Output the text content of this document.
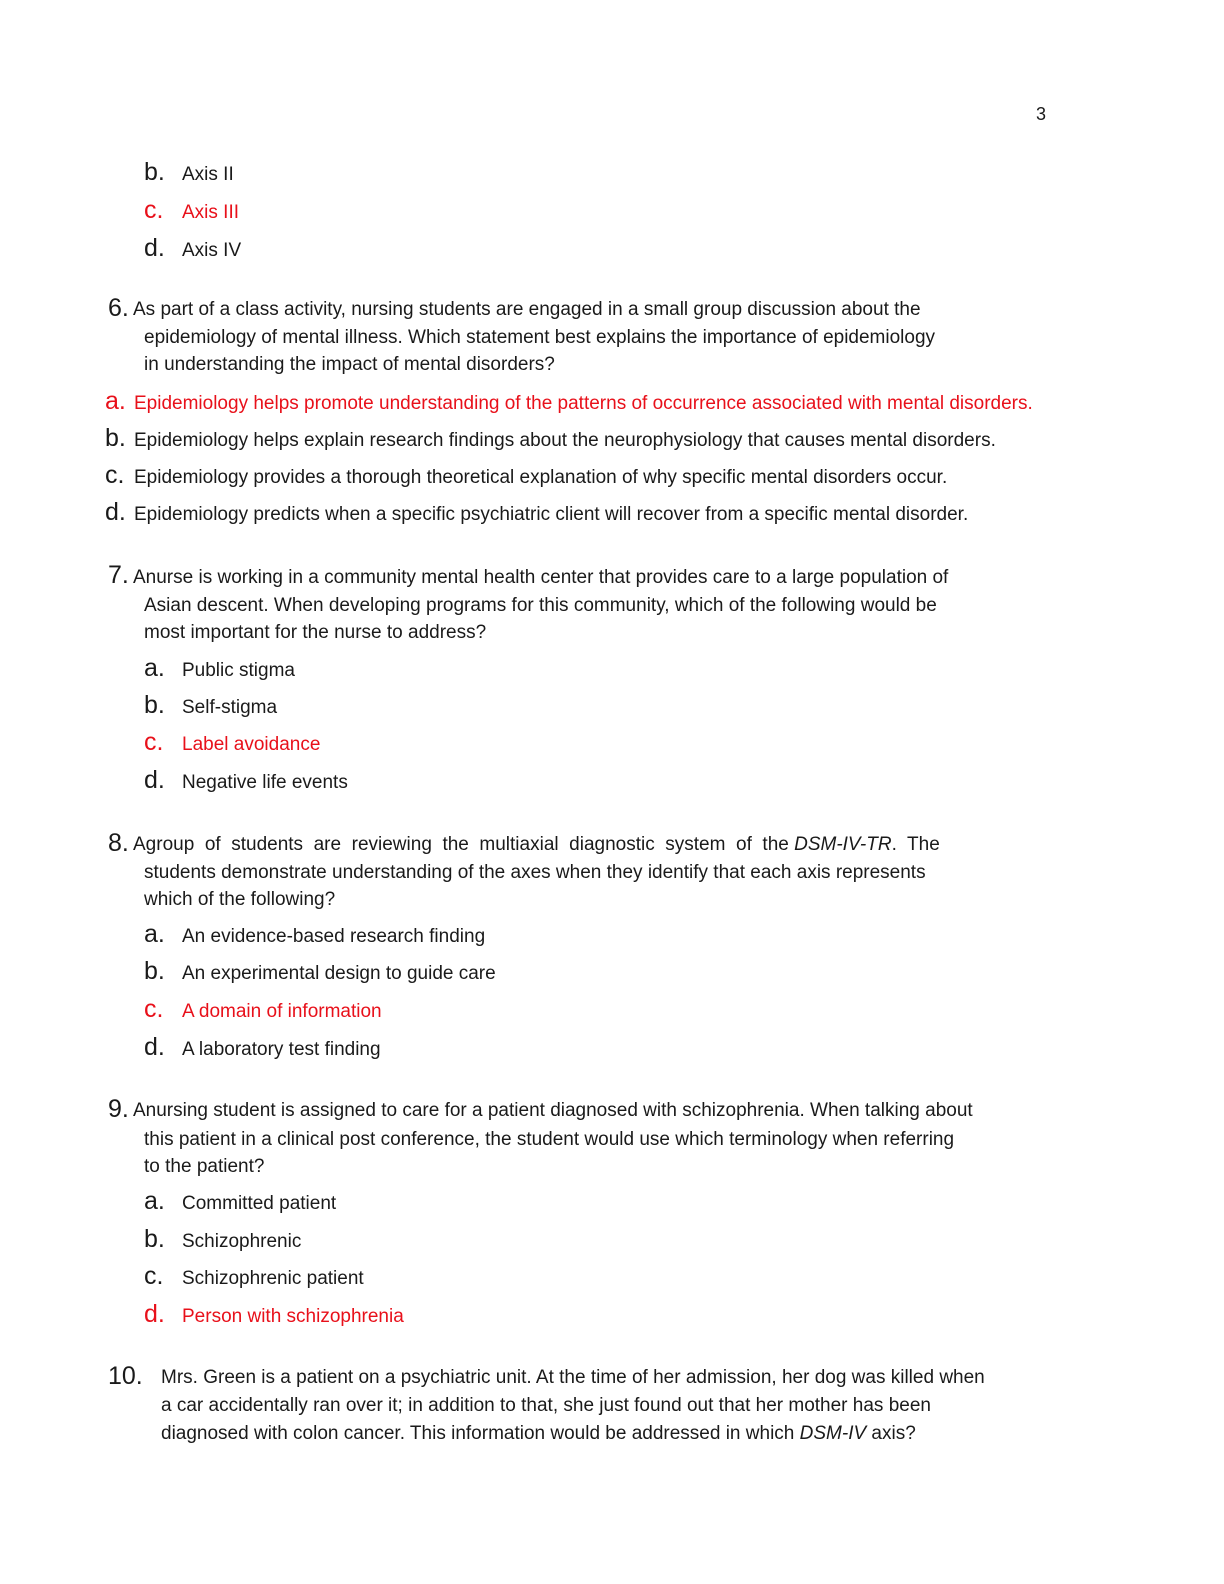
3
b. Axis II
c. Axis III
d. Axis IV
6. As part of a class activity, nursing students are engaged in a small group discussion about the
epidemiology of mental illness. Which statement best explains the importance of epidemiology
in understanding the impact of mental disorders?
a. Epidemiology helps promote understanding of the patterns of occurrence associated with mental disorders.
b. Epidemiology helps explain research findings about the neurophysiology that causes mental disorders.
c. Epidemiology provides a thorough theoretical explanation of why specific mental disorders occur.
d. Epidemiology predicts when a specific psychiatric client will recover from a specific mental disorder.
7. Anurse is working in a community mental health center that provides care to a large population of
Asian descent. When developing programs for this community, which of the following would be
most important for the nurse to address?
a. Public stigma
b. Self-stigma
c. Label avoidance
d. Negative life events
8. Agroup  of  students  are  reviewing  the  multiaxial  diagnostic  system  of  the DSM-IV-TR.  The
students demonstrate understanding of the axes when they identify that each axis represents
which of the following?
a. An evidence-based research finding
b. An experimental design to guide care
c. A domain of information
d. A laboratory test finding
9. Anursing student is assigned to care for a patient diagnosed with schizophrenia. When talking about
this patient in a clinical post conference, the student would use which terminology when referring
to the patient?
a. Committed patient
b. Schizophrenic
c. Schizophrenic patient
d. Person with schizophrenia
10. Mrs. Green is a patient on a psychiatric unit. At the time of her admission, her dog was killed when
a car accidentally ran over it; in addition to that, she just found out that her mother has been
diagnosed with colon cancer. This information would be addressed in which DSM-IV axis?
